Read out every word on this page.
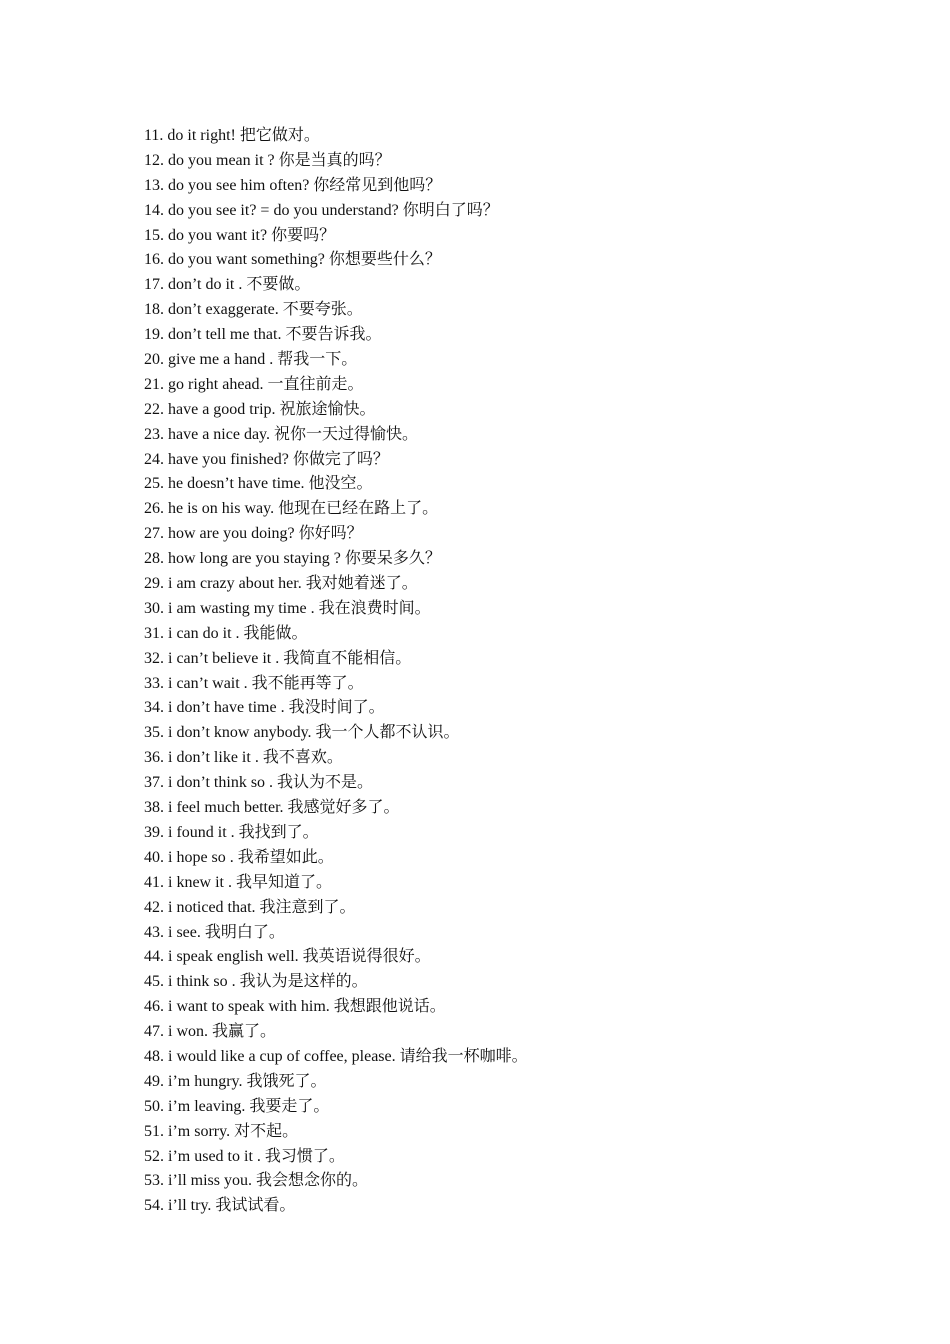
11. do it right! 把它做对。
12. do you mean it ? 你是当真的吗？
13. do you see him often? 你经常见到他吗？
14. do you see it? = do you understand? 你明白了吗？
15. do you want it? 你要吗？
16. do you want something? 你想要些什么？
17. don’t do it . 不要做。
18. don’t exaggerate. 不要夸张。
19. don’t tell me that. 不要告诉我。
20. give me a hand . 帮我一下。
21. go right ahead. 一直往前走。
22. have a good trip. 祝旅途愉快。
23. have a nice day. 祝你一天过得愉快。
24. have you finished? 你做完了吗？
25. he doesn’t have time. 他没空。
26. he is on his way. 他现在已经在路上了。
27. how are you doing? 你好吗？
28. how long are you staying ? 你要呆多久？
29. i am crazy about her. 我对她着迷了。
30. i am wasting my time . 我在浪费时间。
31. i can do it . 我能做。
32. i can’t believe it . 我简直不能相信。
33. i can’t wait . 我不能再等了。
34. i don’t have time . 我没时间了。
35. i don’t know anybody. 我一个人都不认识。
36. i don’t like it . 我不喜欢。
37. i don’t think so . 我认为不是。
38. i feel much better. 我感觉好多了。
39. i found it . 我找到了。
40. i hope so . 我希望如此。
41. i knew it . 我早知道了。
42. i noticed that. 我注意到了。
43. i see. 我明白了。
44. i speak english well. 我英语说得很好。
45. i think so . 我认为是这样的。
46. i want to speak with him. 我想跟他说话。
47. i won. 我赢了。
48. i would like a cup of coffee, please. 请给我一杯咖啡。
49. i’m hungry. 我饿死了。
50. i’m leaving. 我要走了。
51. i’m sorry. 对不起。
52. i’m used to it . 我习惯了。
53. i’ll miss you. 我会想念你的。
54. i’ll try. 我试试看。
